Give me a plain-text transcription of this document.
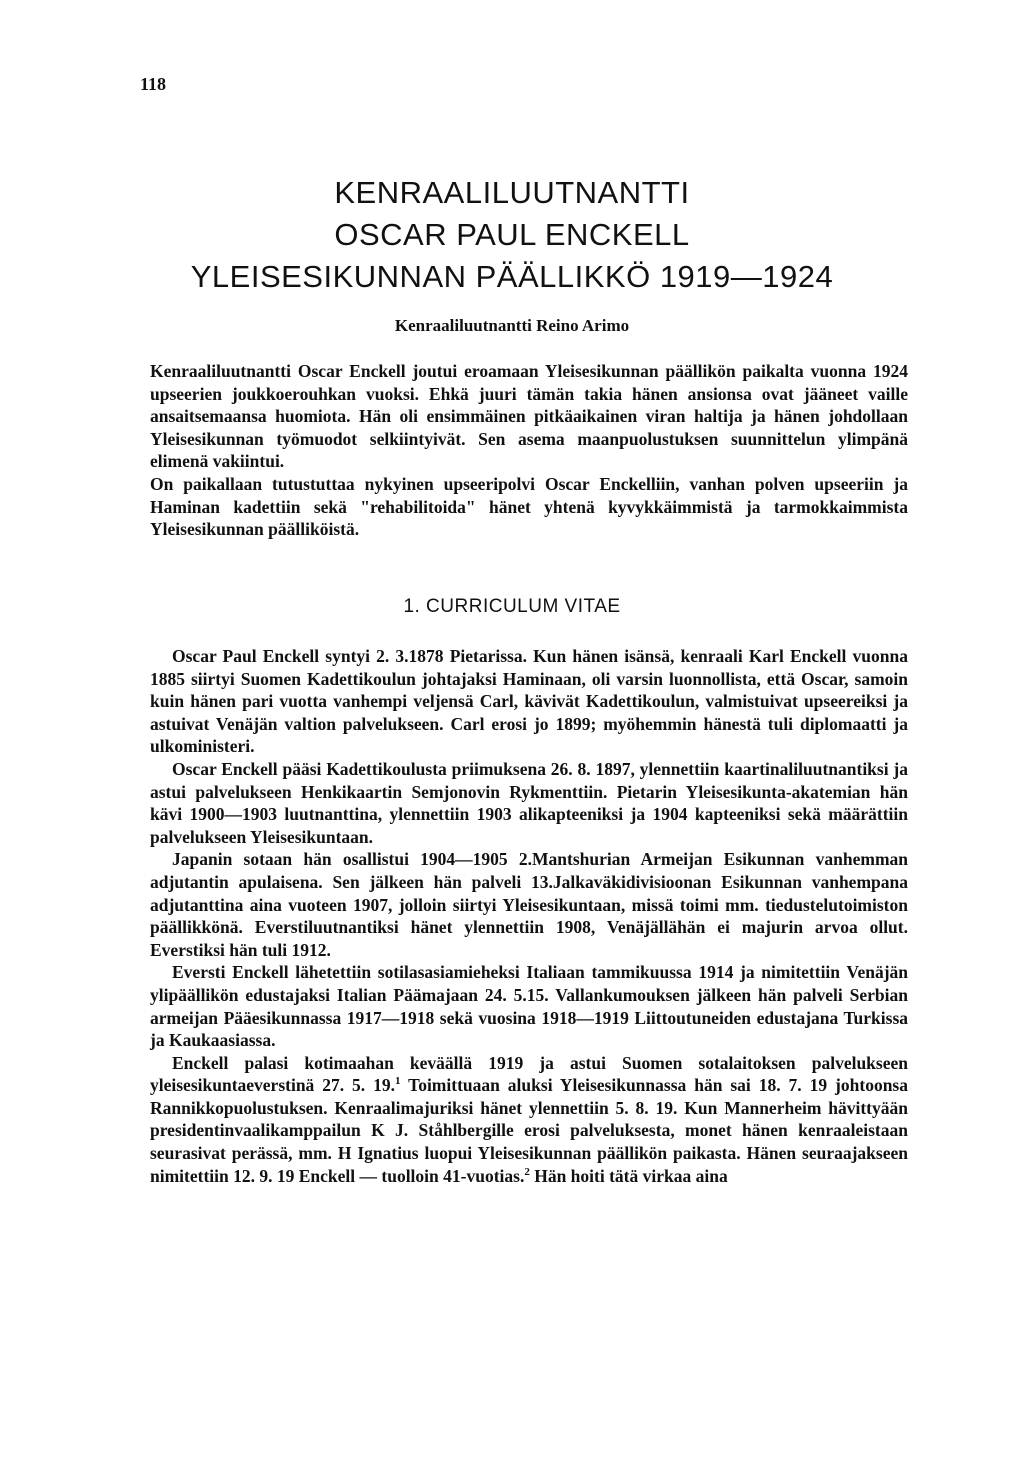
118
KENRAALILUUTNANTTI
OSCAR PAUL ENCKELL
YLEISESIKUNNAN PÄÄLLIKKÖ 1919—1924
Kenraaliluutnantti Reino Arimo

Kenraaliluutnantti Oscar Enckell joutui eroamaan Yleisesikunnan päällikön paikalta vuonna 1924 upseerien joukkoerouhkan vuoksi. Ehkä juuri tämän takia hänen ansionsa ovat jääneet vaille ansaitsemaansa huomiota. Hän oli ensimmäinen pitkäaikainen viran haltija ja hänen johdollaan Yleisesikunnan työmuodot selkiintyivät. Sen asema maanpuolustuksen suunnittelun ylimpänä elimenä vakiintui.

On paikallaan tutustuttaa nykyinen upseeripolvi Oscar Enckelliin, vanhan polven upseeriin ja Haminan kadettiin sekä "rehabilitoida" hänet yhtenä kyvykkäimmistä ja tarmokkaimmista Yleisesikunnan päälliköistä.

1. CURRICULUM VITAE

Oscar Paul Enckell syntyi 2. 3.1878 Pietarissa. Kun hänen isänsä, kenraali Karl Enckell vuonna 1885 siirtyi Suomen Kadettikoulun johtajaksi Haminaan, oli varsin luonnollista, että Oscar, samoin kuin hänen pari vuotta vanhempi veljensä Carl, kävivät Kadettikoulun, valmistuivat upseereiksi ja astuivat Venäjän valtion palvelukseen. Carl erosi jo 1899; myöhemmin hänestä tuli diplomaatti ja ulkoministeri.

Oscar Enckell pääsi Kadettikoulusta priimuksena 26. 8. 1897, ylennettiin kaartinaliluutnantiksi ja astui palvelukseen Henkikaartin Semjonovin Rykmenttiin. Pietarin Yleisesikunta-akatemian hän kävi 1900—1903 luutnanttina, ylennettiin 1903 alikapteeniksi ja 1904 kapteeniksi sekä määrättiin palvelukseen Yleisesikuntaan.

Japanin sotaan hän osallistui 1904—1905 2.Mantshurian Armeijan Esikunnan vanhemman adjutantin apulaisena. Sen jälkeen hän palveli 13.Jalkaväkidivisioonan Esikunnan vanhempana adjutanttina aina vuoteen 1907, jolloin siirtyi Yleisesikuntaan, missä toimi mm. tiedustelutoimiston päällikkönä. Everstiluutnantiksi hänet ylennettiin 1908, Venäjällähän ei majurin arvoa ollut. Everstiksi hän tuli 1912.

Eversti Enckell lähetettiin sotilasasiamieheksi Italiaan tammikuussa 1914 ja nimitettiin Venäjän ylipäällikön edustajaksi Italian Päämajaan 24. 5.15. Vallankumouksen jälkeen hän palveli Serbian armeijan Pääesikunnassa 1917—1918 sekä vuosina 1918—1919 Liittoutuneiden edustajana Turkissa ja Kaukaasiassa.

Enckell palasi kotimaahan keväällä 1919 ja astui Suomen sotalaitoksen palvelukseen yleisesikuntaeverstinä 27. 5. 19.$^1$ Toimittuaan aluksi Yleisesikunnassa hän sai 18. 7. 19 johtoonsa Rannikkopuolustuksen. Kenraalimajuriksi hänet ylennettiin 5. 8. 19. Kun Mannerheim hävittyään presidentinvaalikamppailun K J. Ståhlbergille erosi palveluksesta, monet hänen kenraaleistaan seurasivat perässä, mm. H Ignatius luopui Yleisesikunnan päällikön paikasta. Hänen seuraajakseen nimitettiin 12. 9. 19 Enckell — tuolloin 41-vuotias.$^2$ Hän hoiti tätä virkaa aina
